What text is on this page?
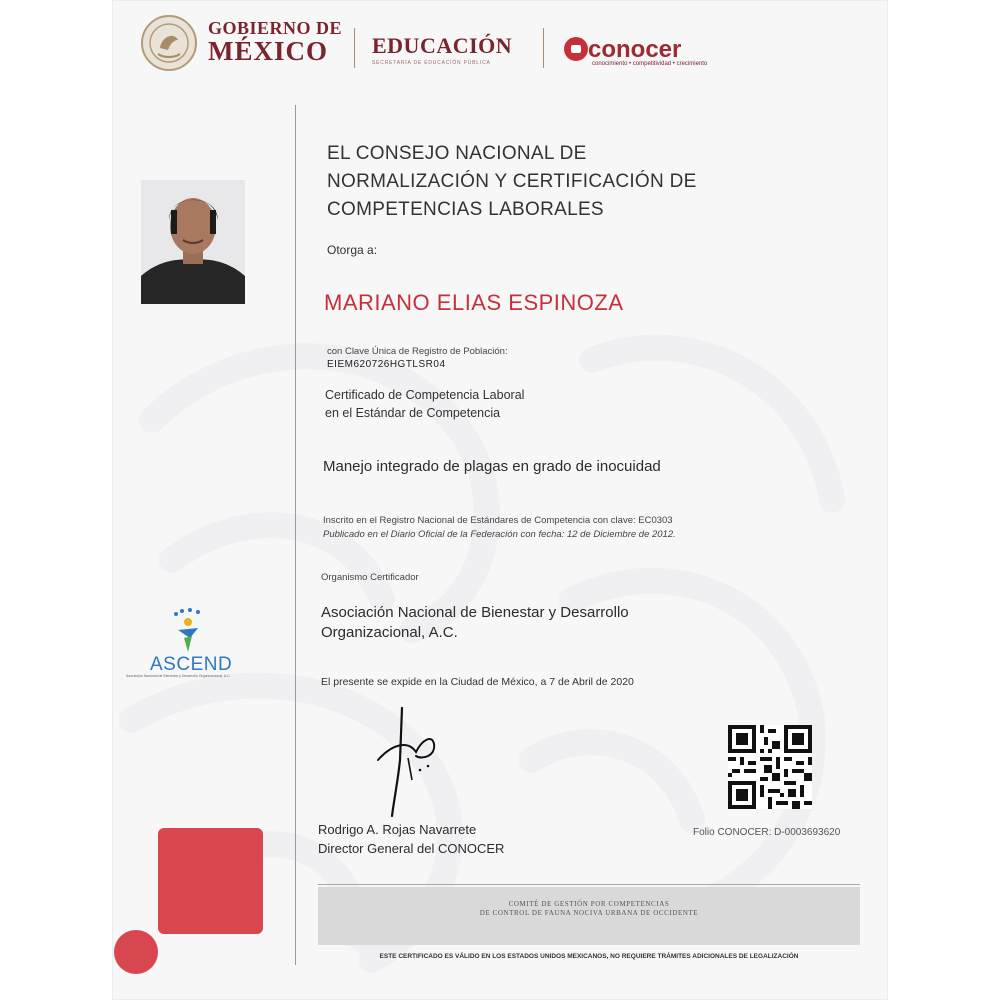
GOBIERNO DE
MÉXICO EDUCACIÓN
SECRETARÍA DE EDUCACIÓN PÚBLICA	conocer
conocimiento • competitividad • crecimiento
EL CONSEJO NACIONAL DE
NORMALIZACIÓN Y CERTIFICACIÓN DE
COMPETENCIAS LABORALES
Otorga a:
MARIANO ELIAS ESPINOZA
con Clave Única de Registro de Población:
EIEM620726HGTLSR04
Certificado de Competencia Laboral
en el Estándar de Competencia
Manejo integrado de plagas en grado de inocuidad
Inscrito en el Registro Nacional de Estándares de Competencia con clave: EC0303
Publicado en el Diario Oficial de la Federación con fecha: 12 de Diciembre de 2012.
Organismo Certificador
Asociación Nacional de Bienestar y Desarrollo
Organizacional, A.C.
El presente se expide en la Ciudad de México, a 7 de Abril de 2020
Rodrigo A. Rojas Navarrete
Director General del CONOCER
Folio CONOCER: D-0003693620
COMITÉ DE GESTIÓN POR COMPETENCIAS
DE CONTROL DE FAUNA NOCIVA URBANA DE OCCIDENTE
ESTE CERTIFICADO ES VÁLIDO EN LOS ESTADOS UNIDOS MEXICANOS, NO REQUIERE TRÁMITES ADICIONALES DE LEGALIZACIÓN
ASCEND
Asociación Nacional de Bienestar y Desarrollo Organizacional, A.C.
